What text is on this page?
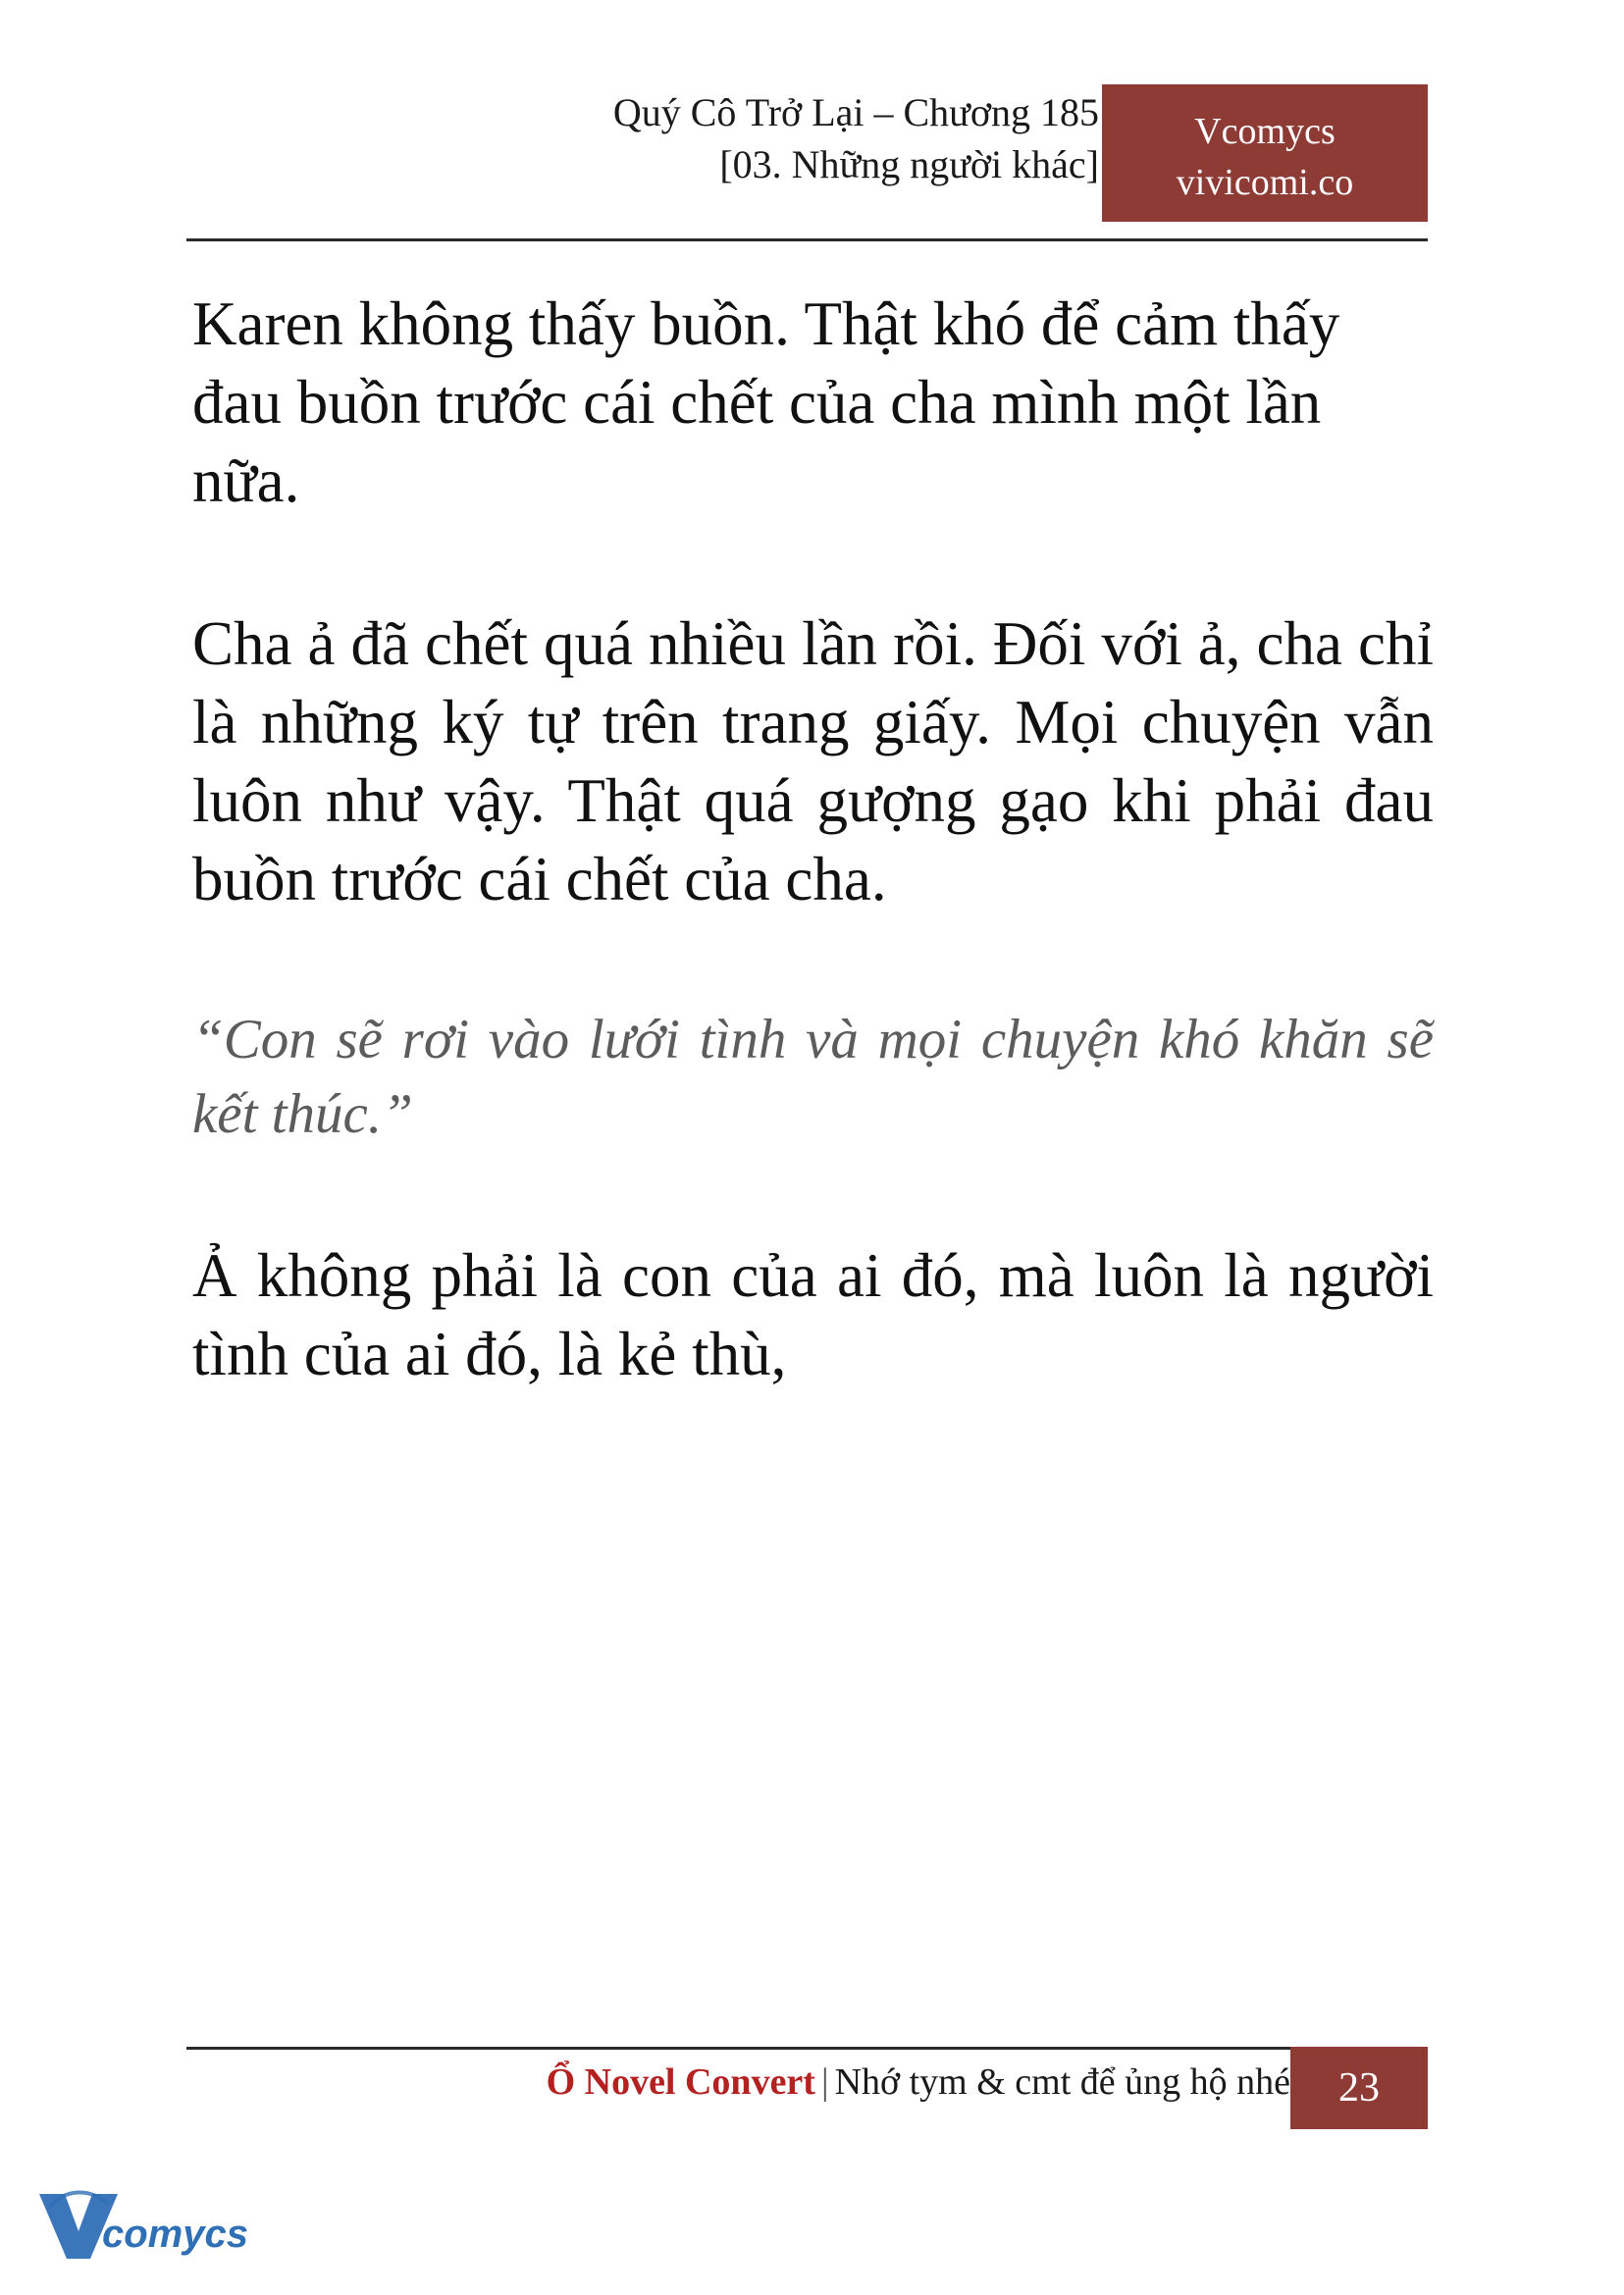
Quý Cô Trở Lại – Chương 185
[03. Những người khác]
Vcomycs
vivicomi.co

Karen không thấy buồn. Thật khó để cảm thấy đau buồn trước cái chết của cha mình một lần nữa.

Cha ả đã chết quá nhiều lần rồi. Đối với ả, cha chỉ là những ký tự trên trang giấy. Mọi chuyện vẫn luôn như vậy. Thật quá gượng gạo khi phải đau buồn trước cái chết của cha.

“Con sẽ rơi vào lưới tình và mọi chuyện khó khăn sẽ kết thúc.”

Ả không phải là con của ai đó, mà luôn là người tình của ai đó, là kẻ thù,

Ổ Novel Convert | Nhớ tym & cmt để ủng hộ nhé	23
comycs
